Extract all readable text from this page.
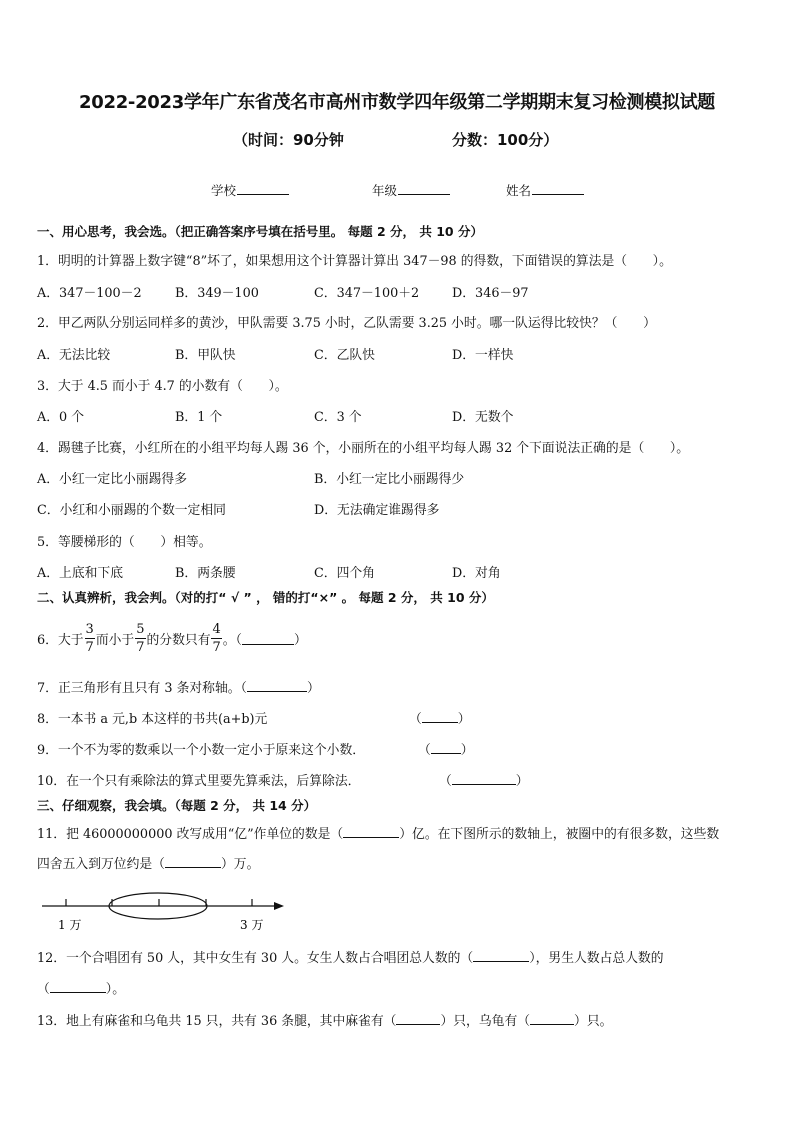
2022-2023学年广东省茂名市高州市数学四年级第二学期期末复习检测模拟试题
（时间：90分钟	分数：100分）
学校	年级	姓名
一、用心思考，我会选。（把正确答案序号填在括号里。 每题 2 分， 共 10 分）
1．明明的计算器上数字键“8”坏了，如果想用这个计算器计算出 347－98 的得数，下面错误的算法是（　　）。
A．347－100－2	B．349－100	C．347－100＋2	D．346－97
2．甲乙两队分别运同样多的黄沙，甲队需要 3.75 小时，乙队需要 3.25 小时。哪一队运得比较快？（　　）
A．无法比较	B．甲队快	C．乙队快	D．一样快
3．大于 4.5 而小于 4.7 的小数有（　　）。
A．0 个	B．1 个	C．3 个	D．无数个
4．踢毽子比赛，小红所在的小组平均每人踢 36 个，小丽所在的小组平均每人踢 32 个下面说法正确的是（　　）。
A．小红一定比小丽踢得多	B．小红一定比小丽踢得少
C．小红和小丽踢的个数一定相同	D．无法确定谁踢得多
5．等腰梯形的（　　）相等。
A．上底和下底	B．两条腰	C．四个角	D．对角
二、认真辨析，我会判。（对的打“ √ ” ， 错的打“×” 。 每题 2 分， 共 10 分）
6．大于 $\frac{3}{7}$ 而小于 $\frac{5}{7}$ 的分数只有 $\frac{4}{7}$ 。（	）
7．正三角形有且只有 3 条对称轴。（	）
8．一本书 a 元,b 本这样的书共(a+b)元	（	）
9．一个不为零的数乘以一个小数一定小于原来这个小数．	（ ）
10．在一个只有乘除法的算式里要先算乘法，后算除法．	（	）
三、仔细观察，我会填。（每题 2 分， 共 14 分）
11．把 46000000000 改写成用“亿”作单位的数是（	）亿。在下图所示的数轴上，被圈中的有很多数，这些数
四舍五入到万位约是（	）万。
1 万	3 万
12．一个合唱团有 50 人，其中女生有 30 人。女生人数占合唱团总人数的（	），男生人数占总人数的
（	）。
13．地上有麻雀和乌龟共 15 只，共有 36 条腿，其中麻雀有（	）只，乌龟有（	）只。
